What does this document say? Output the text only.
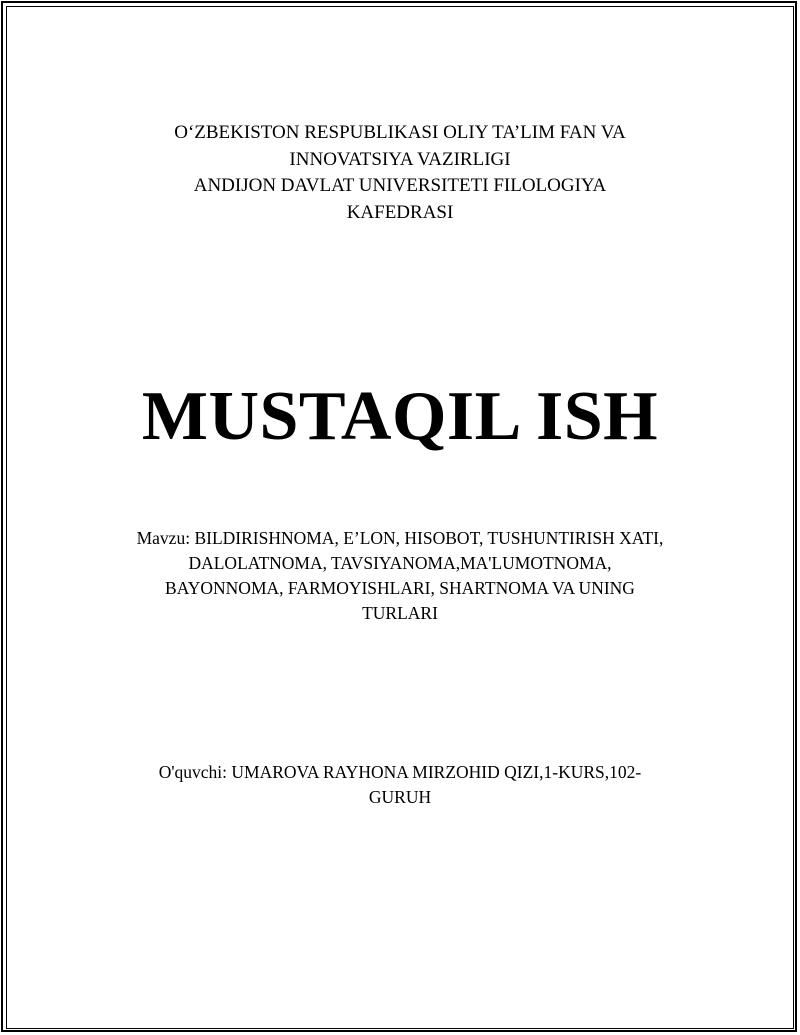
O‘ZBEKISTON RESPUBLIKASI OLIY TA’LIM FAN VA
INNOVATSIYA VAZIRLIGI
ANDIJON DAVLAT UNIVERSITETI FILOLOGIYA
KAFEDRASI
MUSTAQIL ISH
Mavzu: BILDIRISHNOMA, E’LON, HISOBOT, TUSHUNTIRISH XATI,
DALOLATNOMA, TAVSIYANOMA,MA'LUMOTNOMA,
BAYONNOMA, FARMOYISHLARI, SHARTNOMA VA UNING
TURLARI
O'quvchi: UMAROVA RAYHONA MIRZOHID QIZI,1-KURS,102-
GURUH
